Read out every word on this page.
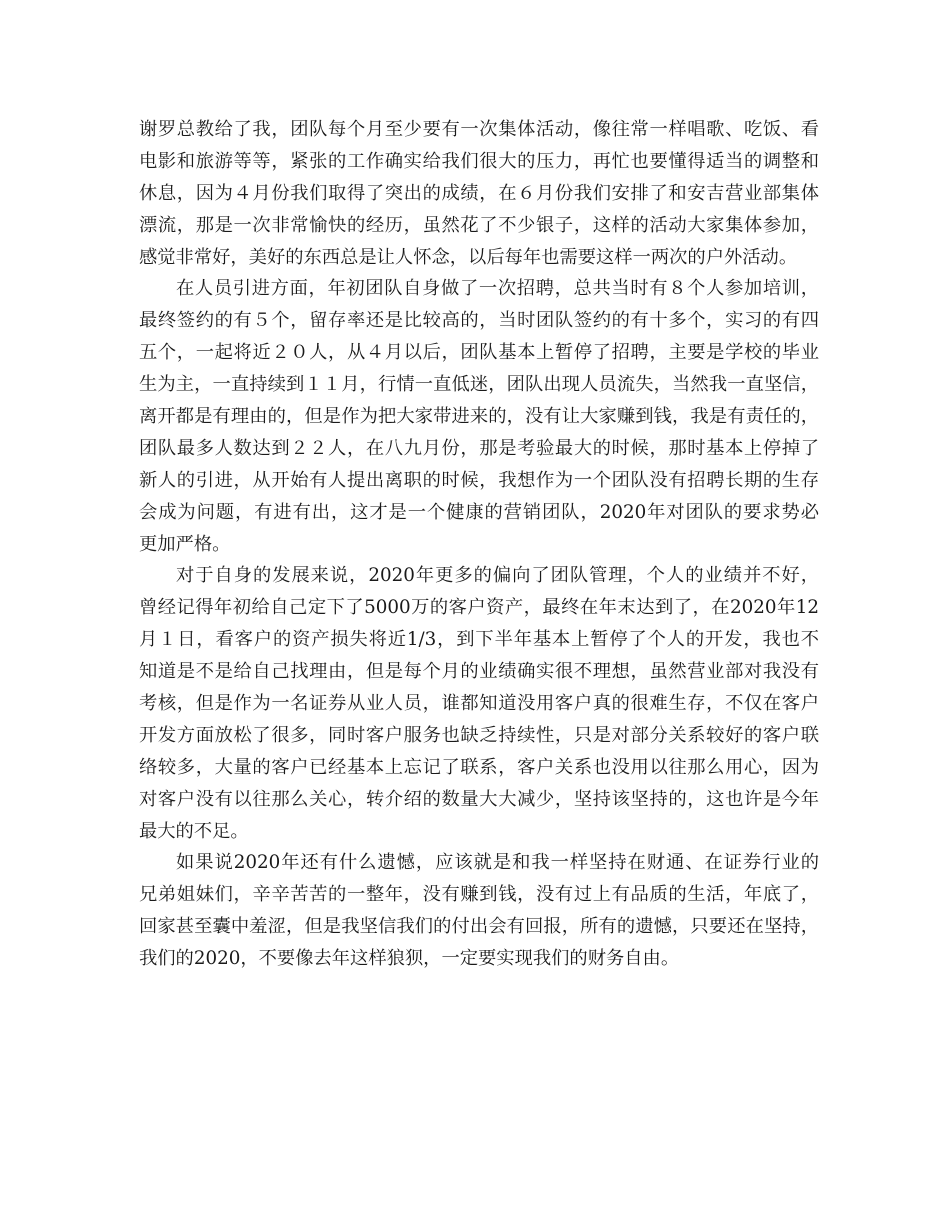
谢罗总教给了我，团队每个月至少要有一次集体活动，像往常一样唱歌、吃饭、看
电影和旅游等等，紧张的工作确实给我们很大的压力，再忙也要懂得适当的调整和
休息，因为４月份我们取得了突出的成绩，在６月份我们安排了和安吉营业部集体
漂流，那是一次非常愉快的经历，虽然花了不少银子，这样的活动大家集体参加，
感觉非常好，美好的东西总是让人怀念，以后每年也需要这样一两次的户外活动。
在人员引进方面，年初团队自身做了一次招聘，总共当时有８个人参加培训，
最终签约的有５个，留存率还是比较高的，当时团队签约的有十多个，实习的有四
五个，一起将近２０人，从４月以后，团队基本上暂停了招聘，主要是学校的毕业
生为主，一直持续到１１月，行情一直低迷，团队出现人员流失，当然我一直坚信，
离开都是有理由的，但是作为把大家带进来的，没有让大家赚到钱，我是有责任的，
团队最多人数达到２２人，在八九月份，那是考验最大的时候，那时基本上停掉了
新人的引进，从开始有人提出离职的时候，我想作为一个团队没有招聘长期的生存
会成为问题，有进有出，这才是一个健康的营销团队，2020年对团队的要求势必
更加严格。
对于自身的发展来说，2020年更多的偏向了团队管理，个人的业绩并不好，
曾经记得年初给自己定下了5000万的客户资产，最终在年末达到了，在2020年12
月１日，看客户的资产损失将近1/3，到下半年基本上暂停了个人的开发，我也不
知道是不是给自己找理由，但是每个月的业绩确实很不理想，虽然营业部对我没有
考核，但是作为一名证券从业人员，谁都知道没用客户真的很难生存，不仅在客户
开发方面放松了很多，同时客户服务也缺乏持续性，只是对部分关系较好的客户联
络较多，大量的客户已经基本上忘记了联系，客户关系也没用以往那么用心，因为
对客户没有以往那么关心，转介绍的数量大大减少，坚持该坚持的，这也许是今年
最大的不足。
如果说2020年还有什么遗憾，应该就是和我一样坚持在财通、在证券行业的
兄弟姐妹们，辛辛苦苦的一整年，没有赚到钱，没有过上有品质的生活，年底了，
回家甚至囊中羞涩，但是我坚信我们的付出会有回报，所有的遗憾，只要还在坚持，
我们的2020，不要像去年这样狼狈，一定要实现我们的财务自由。
